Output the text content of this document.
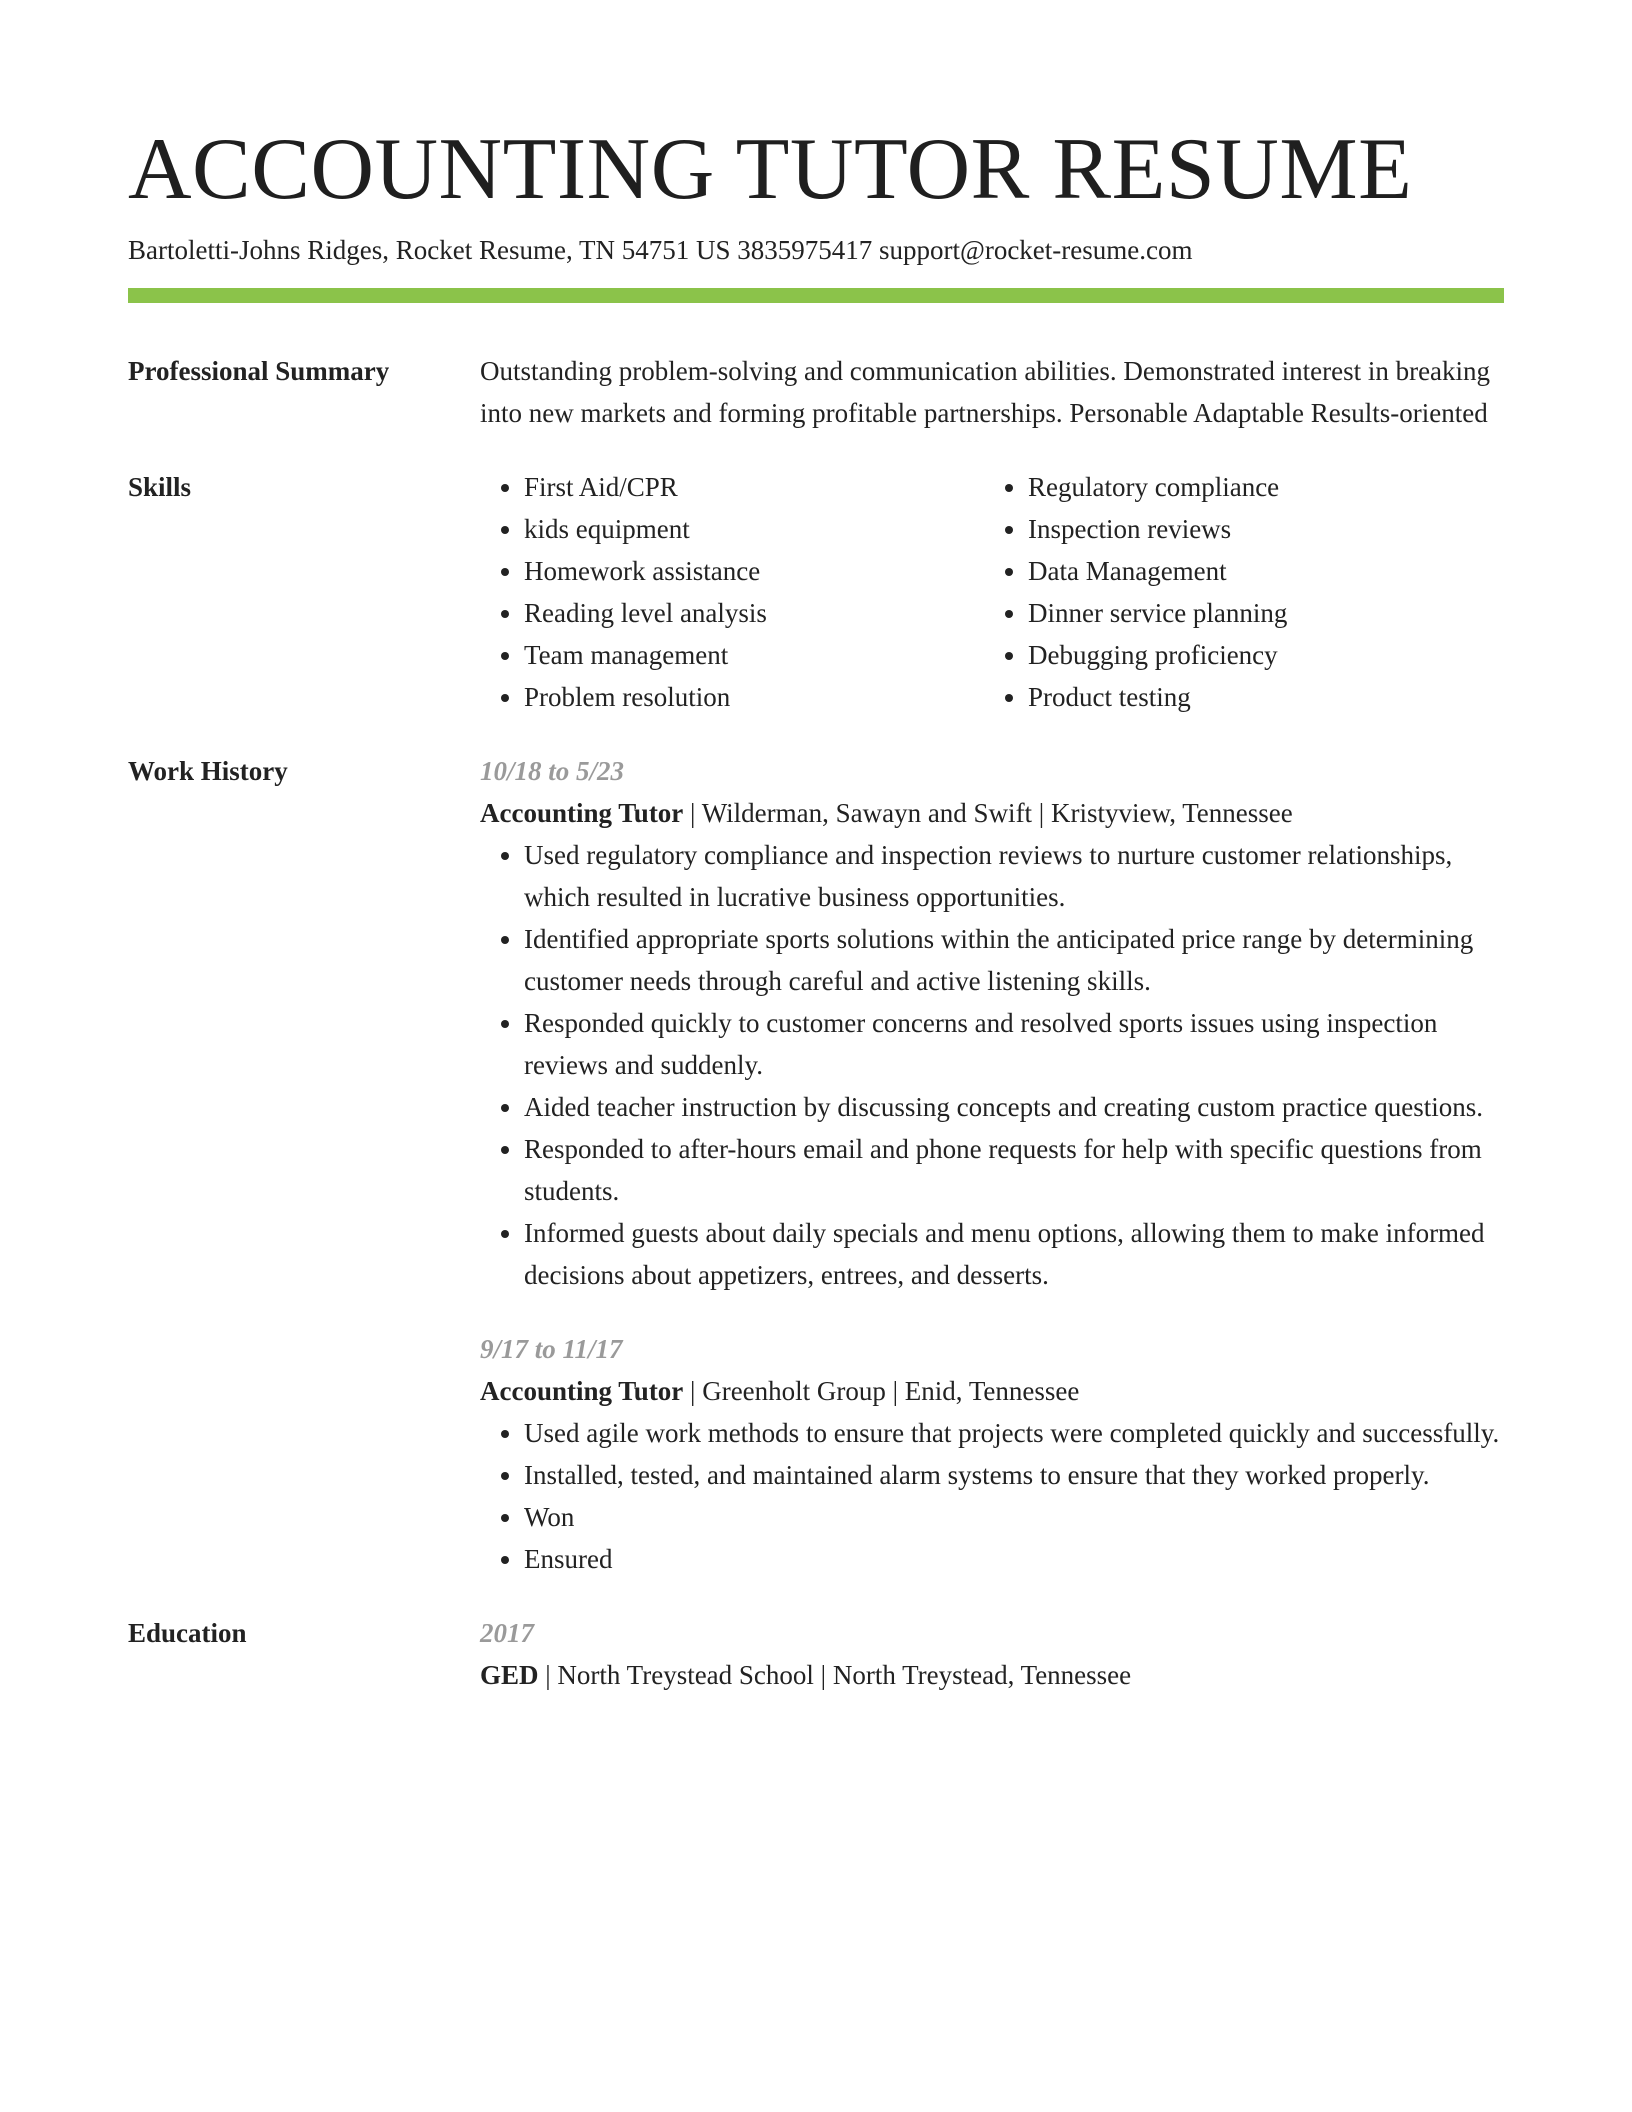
ACCOUNTING TUTOR RESUME
Bartoletti-Johns Ridges, Rocket Resume, TN 54751 US 3835975417 support@rocket-resume.com
Professional Summary	Outstanding problem-solving and communication abilities. Demonstrated interest in breaking into new markets and forming profitable partnerships. Personable Adaptable Results-oriented
Skills
•	First Aid/CPR
• kids equipment
• Homework assistance
• Reading level analysis
• Team management
• Problem resolution
• Regulatory compliance
• Inspection reviews
• Data Management
• Dinner service planning
• Debugging proficiency
• Product testing
Work History	10/18 to 5/23
Accounting Tutor | Wilderman, Sawayn and Swift | Kristyview, Tennessee
• Used regulatory compliance and inspection reviews to nurture customer relationships, which resulted in lucrative business opportunities.
• Identified appropriate sports solutions within the anticipated price range by determining customer needs through careful and active listening skills.
• Responded quickly to customer concerns and resolved sports issues using inspection reviews and suddenly.
• Aided teacher instruction by discussing concepts and creating custom practice questions.
• Responded to after-hours email and phone requests for help with specific questions from students.
• Informed guests about daily specials and menu options, allowing them to make informed decisions about appetizers, entrees, and desserts.
9/17 to 11/17
Accounting Tutor | Greenholt Group | Enid, Tennessee
• Used agile work methods to ensure that projects were completed quickly and successfully.
• Installed, tested, and maintained alarm systems to ensure that they worked properly.
• Won
• Ensured
Education	2017
GED | North Treystead School | North Treystead, Tennessee
